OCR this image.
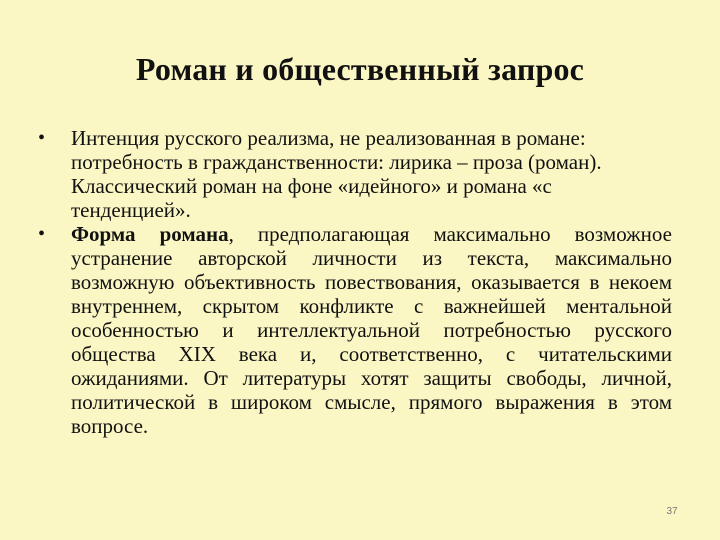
Роман и общественный запрос
•	Интенция русского реализма, не реализованная в романе: потребность в гражданственности: лирика – проза (роман). Классический роман на фоне «идейного» и романа «с тенденцией».

•	Форма романа, предполагающая максимально возможное устранение авторской личности из текста, максимально возможную объективность повествования, оказывается в некоем внутреннем, скрытом конфликте с важнейшей ментальной особенностью и интеллектуальной потребностью русского общества XIX века и, соответственно, с читательскими ожиданиями. От литературы хотят защиты свободы, личной, политической в широком смысле, прямого выражения в этом вопросе.

37
